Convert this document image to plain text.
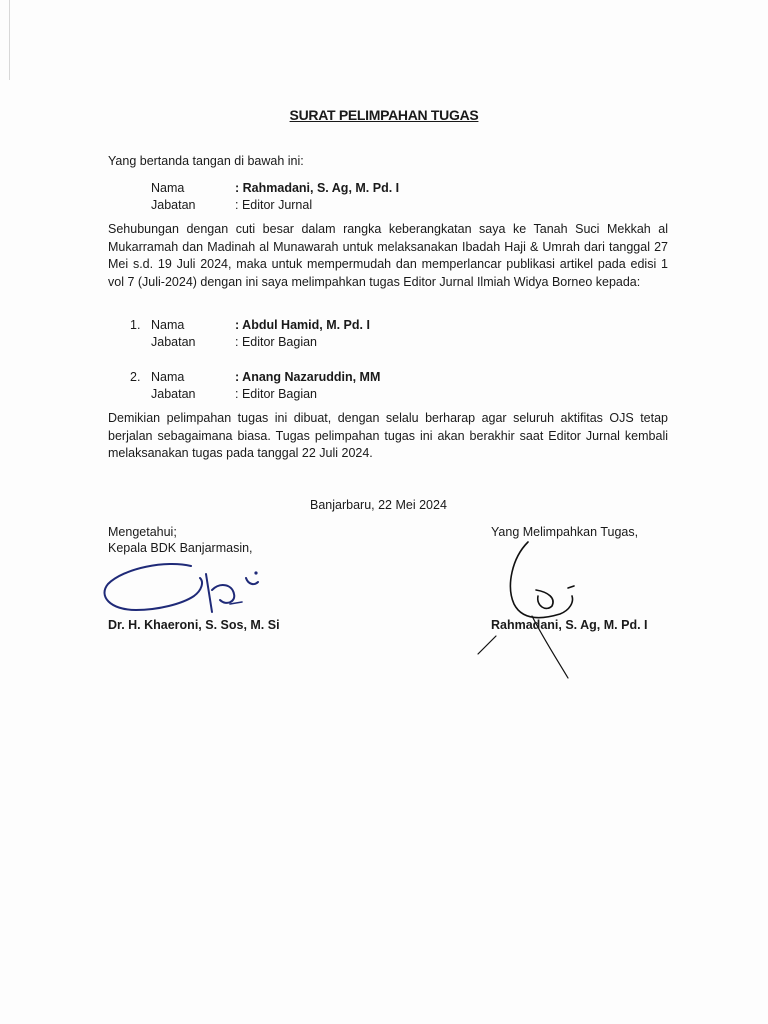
SURAT PELIMPAHAN TUGAS
Yang bertanda tangan di bawah ini:
Nama	: Rahmadani, S. Ag, M. Pd. I
Jabatan	: Editor Jurnal
Sehubungan dengan cuti besar dalam rangka keberangkatan saya ke Tanah Suci Mekkah al Mukarramah dan Madinah al Munawarah untuk melaksanakan Ibadah Haji & Umrah dari tanggal 27 Mei s.d. 19 Juli 2024, maka untuk mempermudah dan memperlancar publikasi artikel pada edisi 1 vol 7 (Juli-2024) dengan ini saya melimpahkan tugas Editor Jurnal Ilmiah Widya Borneo kepada:
1. Nama	: Abdul Hamid, M. Pd. I
Jabatan	: Editor Bagian
2. Nama	: Anang Nazaruddin, MM
Jabatan	: Editor Bagian
Demikian pelimpahan tugas ini dibuat, dengan selalu berharap agar seluruh aktifitas OJS tetap berjalan sebagaimana biasa. Tugas pelimpahan tugas ini akan berakhir saat Editor Jurnal kembali melaksanakan tugas pada tanggal 22 Juli 2024.
Banjarbaru, 22 Mei 2024
Mengetahui;
Kepala BDK Banjarmasin,
Dr. H. Khaeroni, S. Sos, M. Si
Yang Melimpahkan Tugas,
Rahmadani, S. Ag, M. Pd. I
